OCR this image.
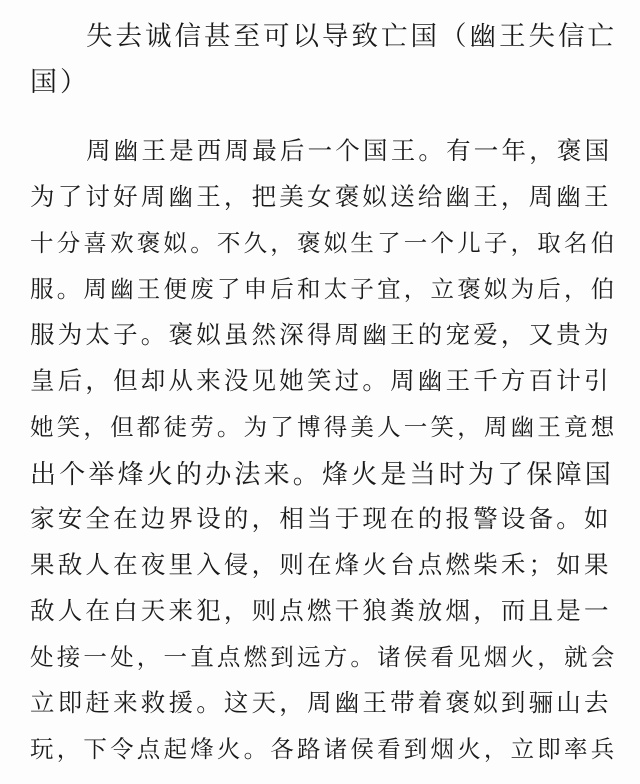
失去诚信甚至可以导致亡国（幽王失信亡
国）
周幽王是西周最后一个国王。有一年，褒国
为了讨好周幽王，把美女褒姒送给幽王，周幽王
十分喜欢褒姒。不久，褒姒生了一个儿子，取名伯
服。周幽王便废了申后和太子宜，立褒姒为后，伯
服为太子。褒姒虽然深得周幽王的宠爱，又贵为
皇后，但却从来没见她笑过。周幽王千方百计引
她笑，但都徒劳。为了博得美人一笑，周幽王竟想
出个举烽火的办法来。烽火是当时为了保障国
家安全在边界设的，相当于现在的报警设备。如
果敌人在夜里入侵，则在烽火台点燃柴禾；如果
敌人在白天来犯，则点燃干狼粪放烟，而且是一
处接一处，一直点燃到远方。诸侯看见烟火，就会
立即赶来救援。这天，周幽王带着褒姒到骊山去
玩，下令点起烽火。各路诸侯看到烟火，立即率兵
